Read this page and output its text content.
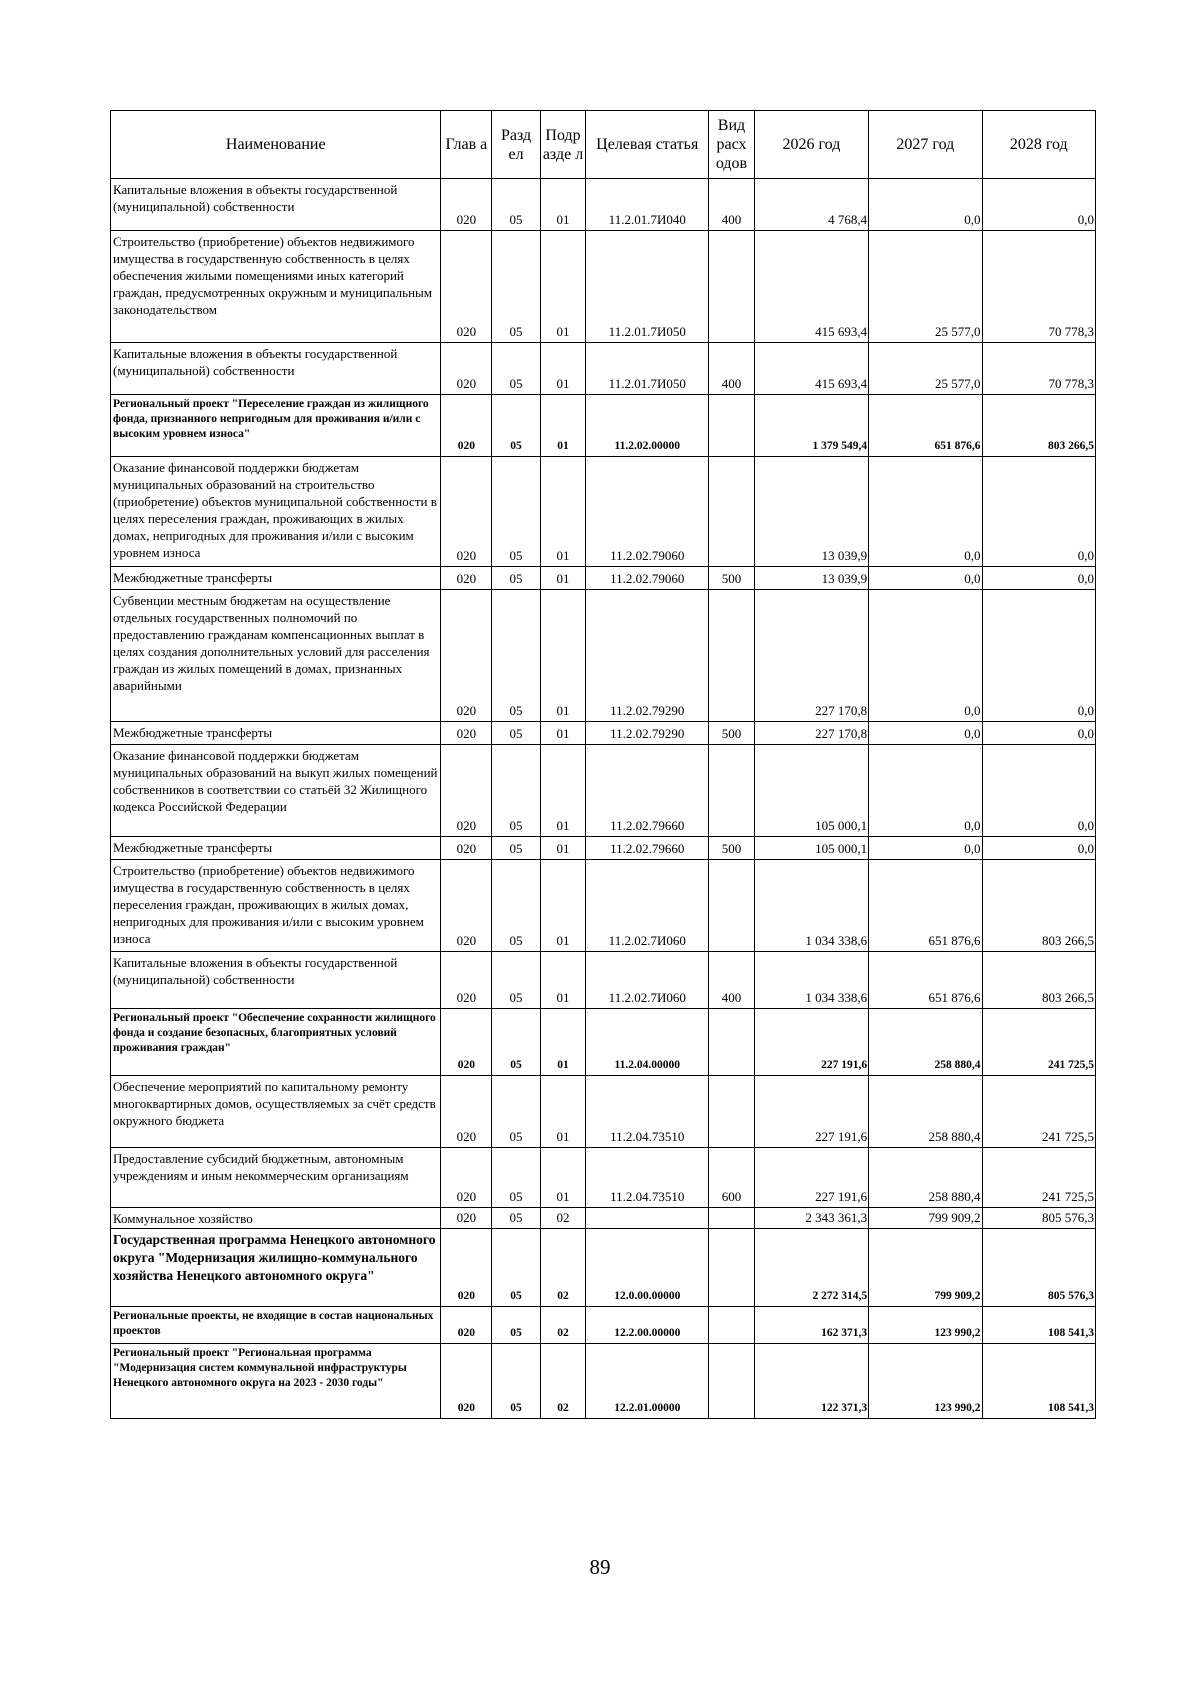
Наименование	Глав а	Разд ел	Подр азде л	Целевая статья	Вид расх одов	2026 год	2027 год	2028 год
Капитальные вложения в объекты государственной (муниципальной) собственности	020	05	01	11.2.01.7И040	400	4 768,4	0,0	0,0
Строительство (приобретение) объектов недвижимого имущества в государственную собственность в целях обеспечения жилыми помещениями иных категорий граждан, предусмотренных окружным и муниципальным законодательством	020	05	01	11.2.01.7И050		415 693,4	25 577,0	70 778,3
Капитальные вложения в объекты государственной (муниципальной) собственности	020	05	01	11.2.01.7И050	400	415 693,4	25 577,0	70 778,3
Региональный проект "Переселение граждан из жилищного фонда, признанного непригодным для проживания и/или с высоким уровнем износа"	020	05	01	11.2.02.00000		1 379 549,4	651 876,6	803 266,5
Оказание финансовой поддержки бюджетам муниципальных образований на строительство (приобретение) объектов муниципальной собственности в целях переселения граждан, проживающих в жилых домах, непригодных для проживания и/или с высоким уровнем износа	020	05	01	11.2.02.79060		13 039,9	0,0	0,0
Межбюджетные трансферты	020	05	01	11.2.02.79060	500	13 039,9	0,0	0,0
Субвенции местным бюджетам на осуществление отдельных государственных полномочий по предоставлению гражданам компенсационных выплат в целях создания дополнительных условий для расселения граждан из жилых помещений в домах, признанных аварийными	020	05	01	11.2.02.79290		227 170,8	0,0	0,0
Межбюджетные трансферты	020	05	01	11.2.02.79290	500	227 170,8	0,0	0,0
Оказание финансовой поддержки бюджетам муниципальных образований на выкуп жилых помещений собственников в соответствии со статьёй 32 Жилищного кодекса Российской Федерации	020	05	01	11.2.02.79660		105 000,1	0,0	0,0
Межбюджетные трансферты	020	05	01	11.2.02.79660	500	105 000,1	0,0	0,0
Строительство (приобретение) объектов недвижимого имущества в государственную собственность в целях переселения граждан, проживающих в жилых домах, непригодных для проживания и/или с высоким уровнем износа	020	05	01	11.2.02.7И060		1 034 338,6	651 876,6	803 266,5
Капитальные вложения в объекты государственной (муниципальной) собственности	020	05	01	11.2.02.7И060	400	1 034 338,6	651 876,6	803 266,5
Региональный проект "Обеспечение сохранности жилищного фонда и создание безопасных, благоприятных условий проживания граждан"	020	05	01	11.2.04.00000		227 191,6	258 880,4	241 725,5
Обеспечение мероприятий по капитальному ремонту многоквартирных домов, осуществляемых за счёт средств окружного бюджета	020	05	01	11.2.04.73510		227 191,6	258 880,4	241 725,5
Предоставление субсидий бюджетным, автономным учреждениям и иным некоммерческим организациям	020	05	01	11.2.04.73510	600	227 191,6	258 880,4	241 725,5
Коммунальное хозяйство	020	05	02			2 343 361,3	799 909,2	805 576,3
Государственная программа Ненецкого автономного округа "Модернизация жилищно-коммунального хозяйства Ненецкого автономного округа"	020	05	02	12.0.00.00000		2 272 314,5	799 909,2	805 576,3
Региональные проекты, не входящие в состав национальных проектов	020	05	02	12.2.00.00000		162 371,3	123 990,2	108 541,3
Региональный проект "Региональная программа "Модернизация систем коммунальной инфраструктуры Ненецкого автономного округа на 2023 - 2030 годы"	020	05	02	12.2.01.00000		122 371,3	123 990,2	108 541,3
89
